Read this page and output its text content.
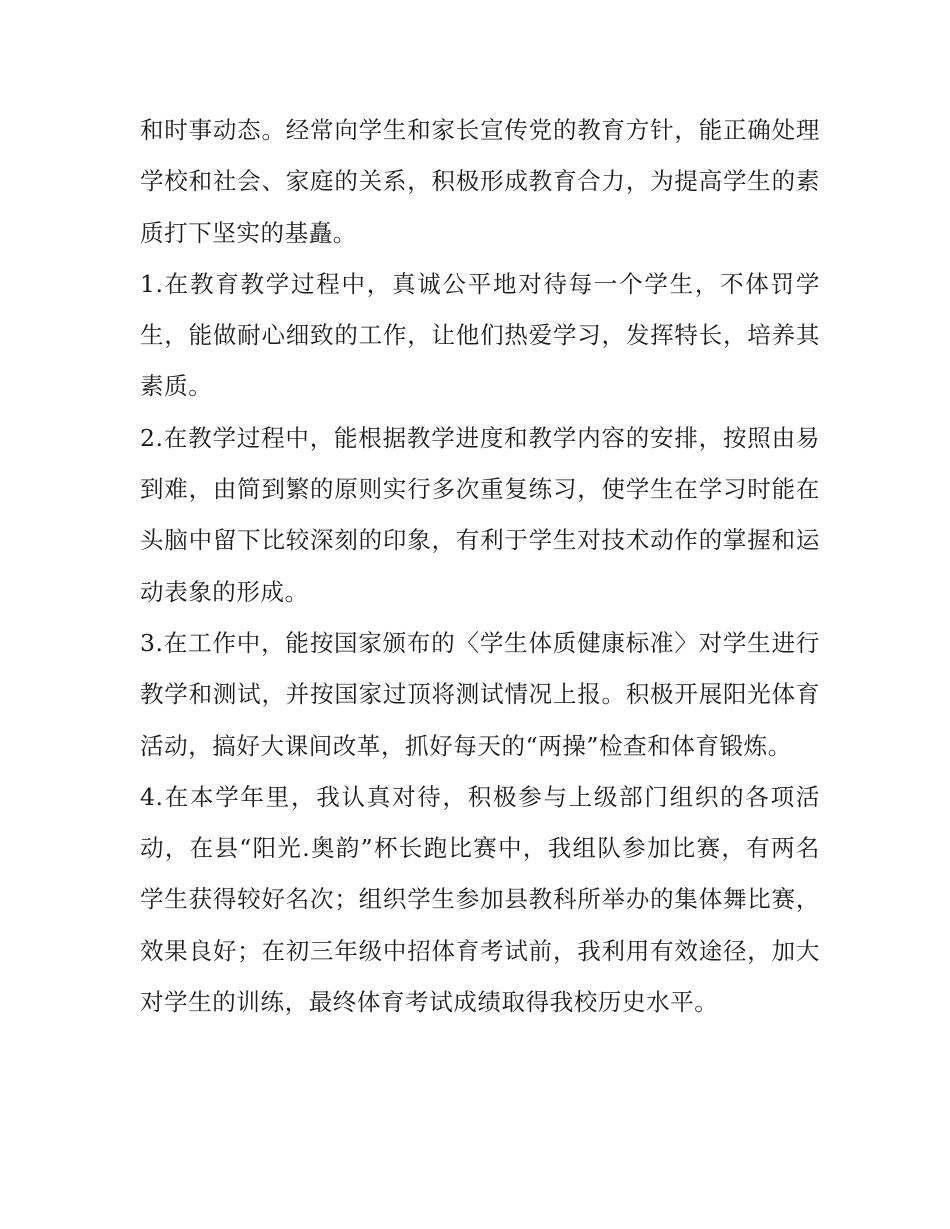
和时事动态。经常向学生和家长宣传党的教育方针，能正确处理学校和社会、家庭的关系，积极形成教育合力，为提高学生的素质打下坚实的基矗。

1.在教育教学过程中，真诚公平地对待每一个学生，不体罚学生，能做耐心细致的工作，让他们热爱学习，发挥特长，培养其素质。

2.在教学过程中，能根据教学进度和教学内容的安排，按照由易到难，由简到繁的原则实行多次重复练习，使学生在学习时能在头脑中留下比较深刻的印象，有利于学生对技术动作的掌握和运动表象的形成。

3.在工作中，能按国家颁布的〈学生体质健康标准〉对学生进行教学和测试，并按国家过顶将测试情况上报。积极开展阳光体育活动，搞好大课间改革，抓好每天的“两操”检查和体育锻炼。

4.在本学年里，我认真对待，积极参与上级部门组织的各项活动，在县“阳光.奥韵”杯长跑比赛中，我组队参加比赛，有两名学生获得较好名次；组织学生参加县教科所举办的集体舞比赛，效果良好；在初三年级中招体育考试前，我利用有效途径，加大对学生的训练，最终体育考试成绩取得我校历史水平。
